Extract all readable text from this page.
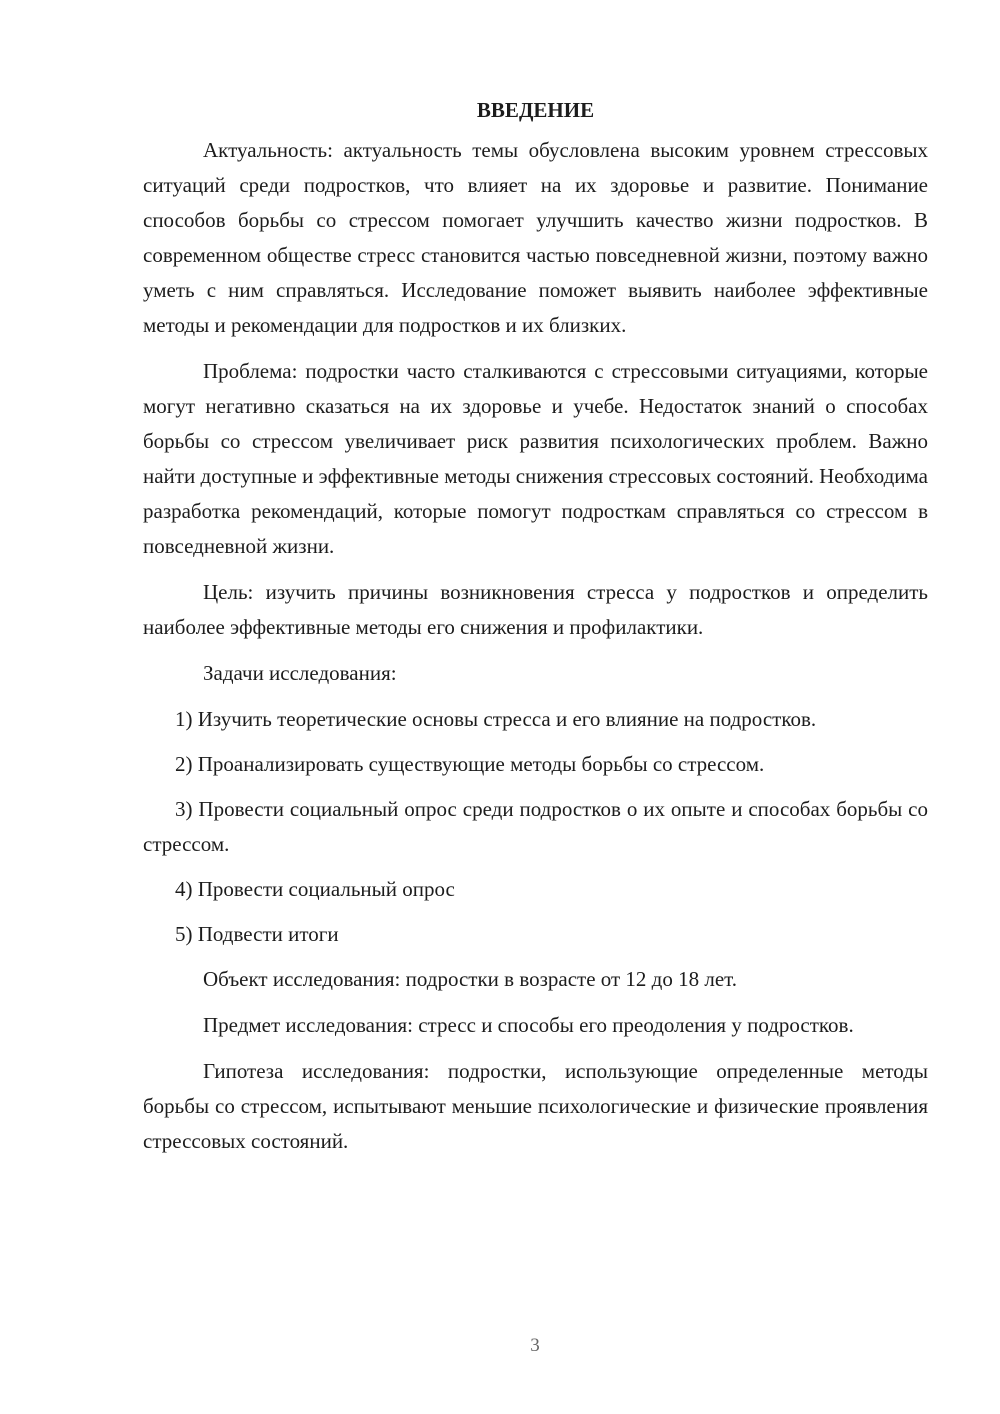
ВВЕДЕНИЕ

Актуальность: актуальность темы обусловлена высоким уровнем стрессовых ситуаций среди подростков, что влияет на их здоровье и развитие. Понимание способов борьбы со стрессом помогает улучшить качество жизни подростков. В современном обществе стресс становится частью повседневной жизни, поэтому важно уметь с ним справляться. Исследование поможет выявить наиболее эффективные методы и рекомендации для подростков и их близких.

Проблема: подростки часто сталкиваются с стрессовыми ситуациями, которые могут негативно сказаться на их здоровье и учебе. Недостаток знаний о способах борьбы со стрессом увеличивает риск развития психологических проблем. Важно найти доступные и эффективные методы снижения стрессовых состояний. Необходима разработка рекомендаций, которые помогут подросткам справляться со стрессом в повседневной жизни.

Цель: изучить причины возникновения стресса у подростков и определить наиболее эффективные методы его снижения и профилактики.

Задачи исследования:

1) Изучить теоретические основы стресса и его влияние на подростков.

2) Проанализировать существующие методы борьбы со стрессом.

3) Провести социальный опрос среди подростков о их опыте и способах борьбы со стрессом.

4) Провести социальный опрос

5) Подвести итоги

Объект исследования: подростки в возрасте от 12 до 18 лет.

Предмет исследования: стресс и способы его преодоления у подростков.

Гипотеза исследования: подростки, использующие определенные методы борьбы со стрессом, испытывают меньшие психологические и физические проявления стрессовых состояний.

3
